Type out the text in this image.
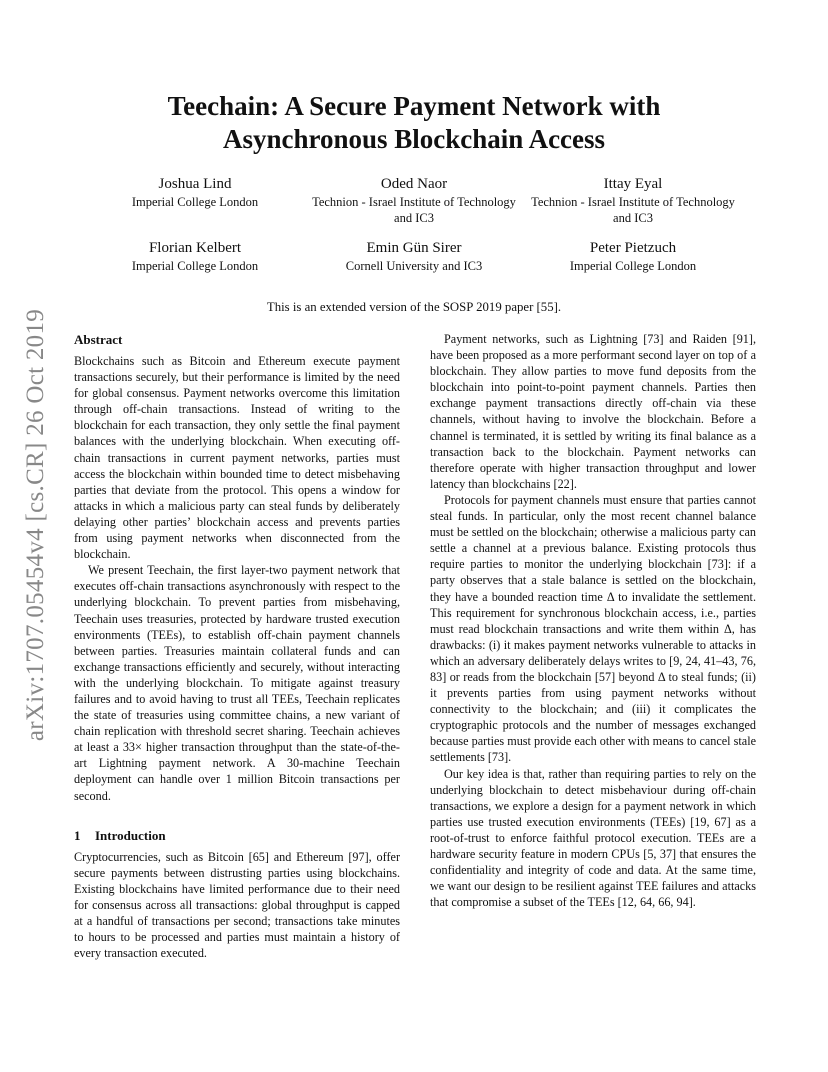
arXiv:1707.05454v4 [cs.CR] 26 Oct 2019
Teechain: A Secure Payment Network with
Asynchronous Blockchain Access
Joshua Lind
Imperial College London
Oded Naor
Technion - Israel Institute of Technology and IC3
Ittay Eyal
Technion - Israel Institute of Technology and IC3
Florian Kelbert
Imperial College London
Emin Gün Sirer
Cornell University and IC3
Peter Pietzuch
Imperial College London
This is an extended version of the SOSP 2019 paper [55].
Abstract

Blockchains such as Bitcoin and Ethereum execute payment transactions securely, but their performance is limited by the need for global consensus. Payment networks overcome this limitation through off-chain transactions. Instead of writing to the blockchain for each transaction, they only settle the final payment balances with the underlying blockchain. When executing off-chain transactions in current payment networks, parties must access the blockchain within bounded time to detect misbehaving parties that deviate from the protocol. This opens a window for attacks in which a malicious party can steal funds by deliberately delaying other parties’ blockchain access and prevents parties from using payment networks when disconnected from the blockchain.

We present Teechain, the first layer-two payment network that executes off-chain transactions asynchronously with respect to the underlying blockchain. To prevent parties from misbehaving, Teechain uses treasuries, protected by hardware trusted execution environments (TEEs), to establish off-chain payment channels between parties. Treasuries maintain collateral funds and can exchange transactions efficiently and securely, without interacting with the underlying blockchain. To mitigate against treasury failures and to avoid having to trust all TEEs, Teechain replicates the state of treasuries using committee chains, a new variant of chain replication with threshold secret sharing. Teechain achieves at least a 33× higher transaction throughput than the state-of-the-art Lightning payment network. A 30-machine Teechain deployment can handle over 1 million Bitcoin transactions per second.

1 Introduction

Cryptocurrencies, such as Bitcoin [65] and Ethereum [97], offer secure payments between distrusting parties using blockchains. Existing blockchains have limited performance due to their need for consensus across all transactions: global throughput is capped at a handful of transactions per second; transactions take minutes to hours to be processed and parties must maintain a history of every transaction executed.

Payment networks, such as Lightning [73] and Raiden [91], have been proposed as a more performant second layer on top of a blockchain. They allow parties to move fund deposits from the blockchain into point-to-point payment channels. Parties then exchange payment transactions directly off-chain via these channels, without having to involve the blockchain. Before a channel is terminated, it is settled by writing its final balance as a transaction back to the blockchain. Payment networks can therefore operate with higher transaction throughput and lower latency than blockchains [22].

Protocols for payment channels must ensure that parties cannot steal funds. In particular, only the most recent channel balance must be settled on the blockchain; otherwise a malicious party can settle a channel at a previous balance. Existing protocols thus require parties to monitor the underlying blockchain [73]: if a party observes that a stale balance is settled on the blockchain, they have a bounded reaction time Δ to invalidate the settlement. This requirement for synchronous blockchain access, i.e., parties must read blockchain transactions and write them within Δ, has drawbacks: (i) it makes payment networks vulnerable to attacks in which an adversary deliberately delays writes to [9, 24, 41–43, 76, 83] or reads from the blockchain [57] beyond Δ to steal funds; (ii) it prevents parties from using payment networks without connectivity to the blockchain; and (iii) it complicates the cryptographic protocols and the number of messages exchanged because parties must provide each other with means to cancel stale settlements [73].

Our key idea is that, rather than requiring parties to rely on the underlying blockchain to detect misbehaviour during off-chain transactions, we explore a design for a payment network in which parties use trusted execution environments (TEEs) [19, 67] as a root-of-trust to enforce faithful protocol execution. TEEs are a hardware security feature in modern CPUs [5, 37] that ensures the confidentiality and integrity of code and data. At the same time, we want our design to be resilient against TEE failures and attacks that compromise a subset of the TEEs [12, 64, 66, 94].
